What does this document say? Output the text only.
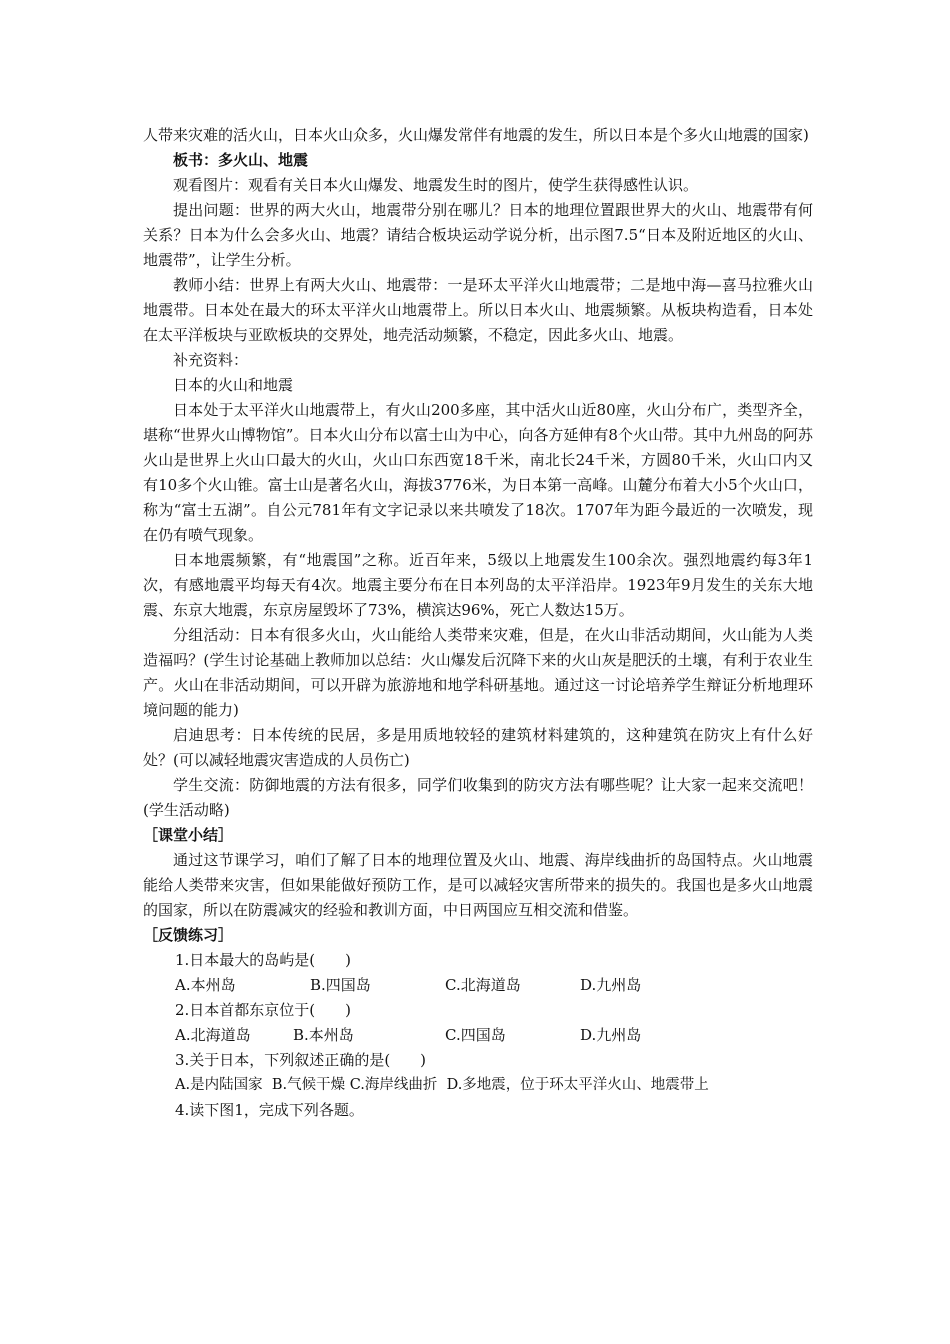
人带来灾难的活火山，日本火山众多，火山爆发常伴有地震的发生，所以日本是个多火山地震的国家)

板书：多火山、地震

观看图片：观看有关日本火山爆发、地震发生时的图片，使学生获得感性认识。

提出问题：世界的两大火山，地震带分别在哪儿？日本的地理位置跟世界大的火山、地震带有何关系？日本为什么会多火山、地震？请结合板块运动学说分析，出示图7.5“日本及附近地区的火山、地震带”，让学生分析。

教师小结：世界上有两大火山、地震带：一是环太平洋火山地震带；二是地中海—喜马拉雅火山地震带。日本处在最大的环太平洋火山地震带上。所以日本火山、地震频繁。从板块构造看，日本处在太平洋板块与亚欧板块的交界处，地壳活动频繁，不稳定，因此多火山、地震。

补充资料：

日本的火山和地震

日本处于太平洋火山地震带上，有火山200多座，其中活火山近80座，火山分布广，类型齐全，堪称“世界火山博物馆”。日本火山分布以富士山为中心，向各方延伸有8个火山带。其中九州岛的阿苏火山是世界上火山口最大的火山，火山口东西宽18千米，南北长24千米，方圆80千米，火山口内又有10多个火山锥。富士山是著名火山，海拔3776米，为日本第一高峰。山麓分布着大小5个火山口，称为“富士五湖”。自公元781年有文字记录以来共喷发了18次。1707年为距今最近的一次喷发，现在仍有喷气现象。

日本地震频繁，有“地震国”之称。近百年来，5级以上地震发生100余次。强烈地震约每3年1次，有感地震平均每天有4次。地震主要分布在日本列岛的太平洋沿岸。1923年9月发生的关东大地震、东京大地震，东京房屋毁坏了73%，横滨达96%，死亡人数达15万。

分组活动：日本有很多火山，火山能给人类带来灾难，但是，在火山非活动期间，火山能为人类造福吗？(学生讨论基础上教师加以总结：火山爆发后沉降下来的火山灰是肥沃的土壤，有利于农业生产。火山在非活动期间，可以开辟为旅游地和地学科研基地。通过这一讨论培养学生辩证分析地理环境问题的能力)

启迪思考：日本传统的民居，多是用质地较轻的建筑材料建筑的，这种建筑在防灾上有什么好处？(可以减轻地震灾害造成的人员伤亡)

学生交流：防御地震的方法有很多，同学们收集到的防灾方法有哪些呢？让大家一起来交流吧！(学生活动略)

［课堂小结］

通过这节课学习，咱们了解了日本的地理位置及火山、地震、海岸线曲折的岛国特点。火山地震能给人类带来灾害，但如果能做好预防工作，是可以减轻灾害所带来的损失的。我国也是多火山地震的国家，所以在防震减灾的经验和教训方面，中日两国应互相交流和借鉴。

［反馈练习］

1.日本最大的岛屿是(　　)

A.本州岛	B.四国岛	C.北海道岛	D.九州岛

2.日本首都东京位于(　　)

A.北海道岛	B.本州岛	C.四国岛	D.九州岛

3.关于日本，下列叙述正确的是(　　)

A.是内陆国家 B.气候干燥 C.海岸线曲折 D.多地震，位于环太平洋火山、地震带上

4.读下图1，完成下列各题。
